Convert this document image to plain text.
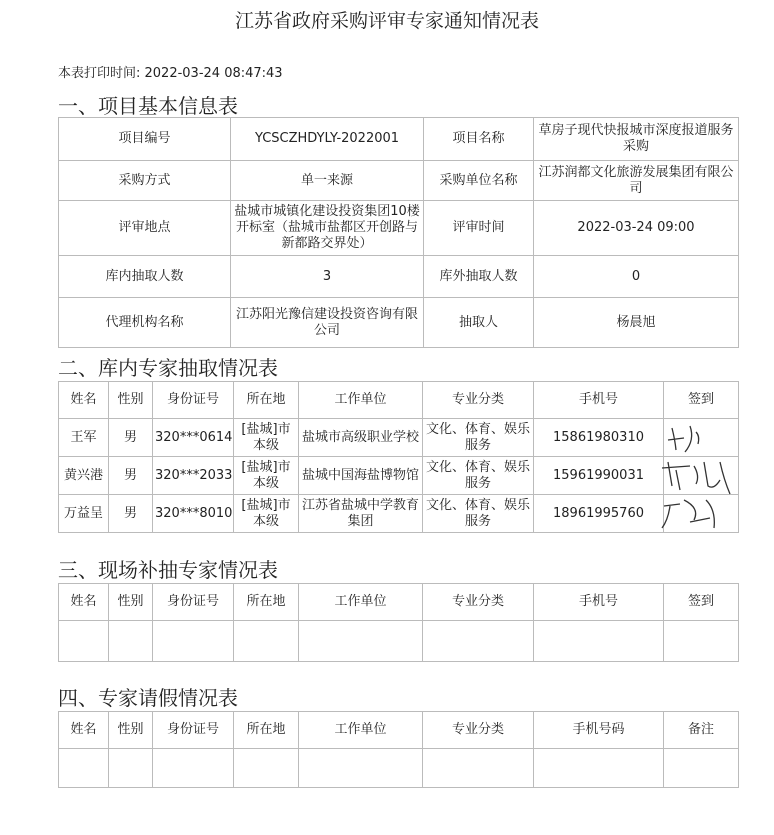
江苏省政府采购评审专家通知情况表
本表打印时间: 2022-03-24 08:47:43
一、项目基本信息表
二、库内专家抽取情况表
三、现场补抽专家情况表
四、专家请假情况表
项目编号	YCSCZHDYLY-2022001	项目名称	草房子现代快报城市深度报道服务采购
采购方式	单一来源	采购单位名称	江苏润都文化旅游发展集团有限公司
评审地点	盐城市城镇化建设投资集团10楼开标室（盐城市盐都区开创路与新都路交界处）	评审时间	2022-03-24 09:00
库内抽取人数	3	库外抽取人数	0
代理机构名称	江苏阳光豫信建设投资咨询有限公司	抽取人	杨晨旭
姓名	性别	身份证号	所在地	工作单位	专业分类	手机号	签到
王军	男	320***0614	[盐城]市本级	盐城市高级职业学校	文化、体育、娱乐服务	15861980310	
黄兴港	男	320***2033	[盐城]市本级	盐城中国海盐博物馆	文化、体育、娱乐服务	15961990031	
万益呈	男	320***8010	[盐城]市本级	江苏省盐城中学教育集团	文化、体育、娱乐服务	18961995760	
姓名	性别	身份证号	所在地	工作单位	专业分类	手机号	签到

姓名	性别	身份证号	所在地	工作单位	专业分类	手机号码	备注
